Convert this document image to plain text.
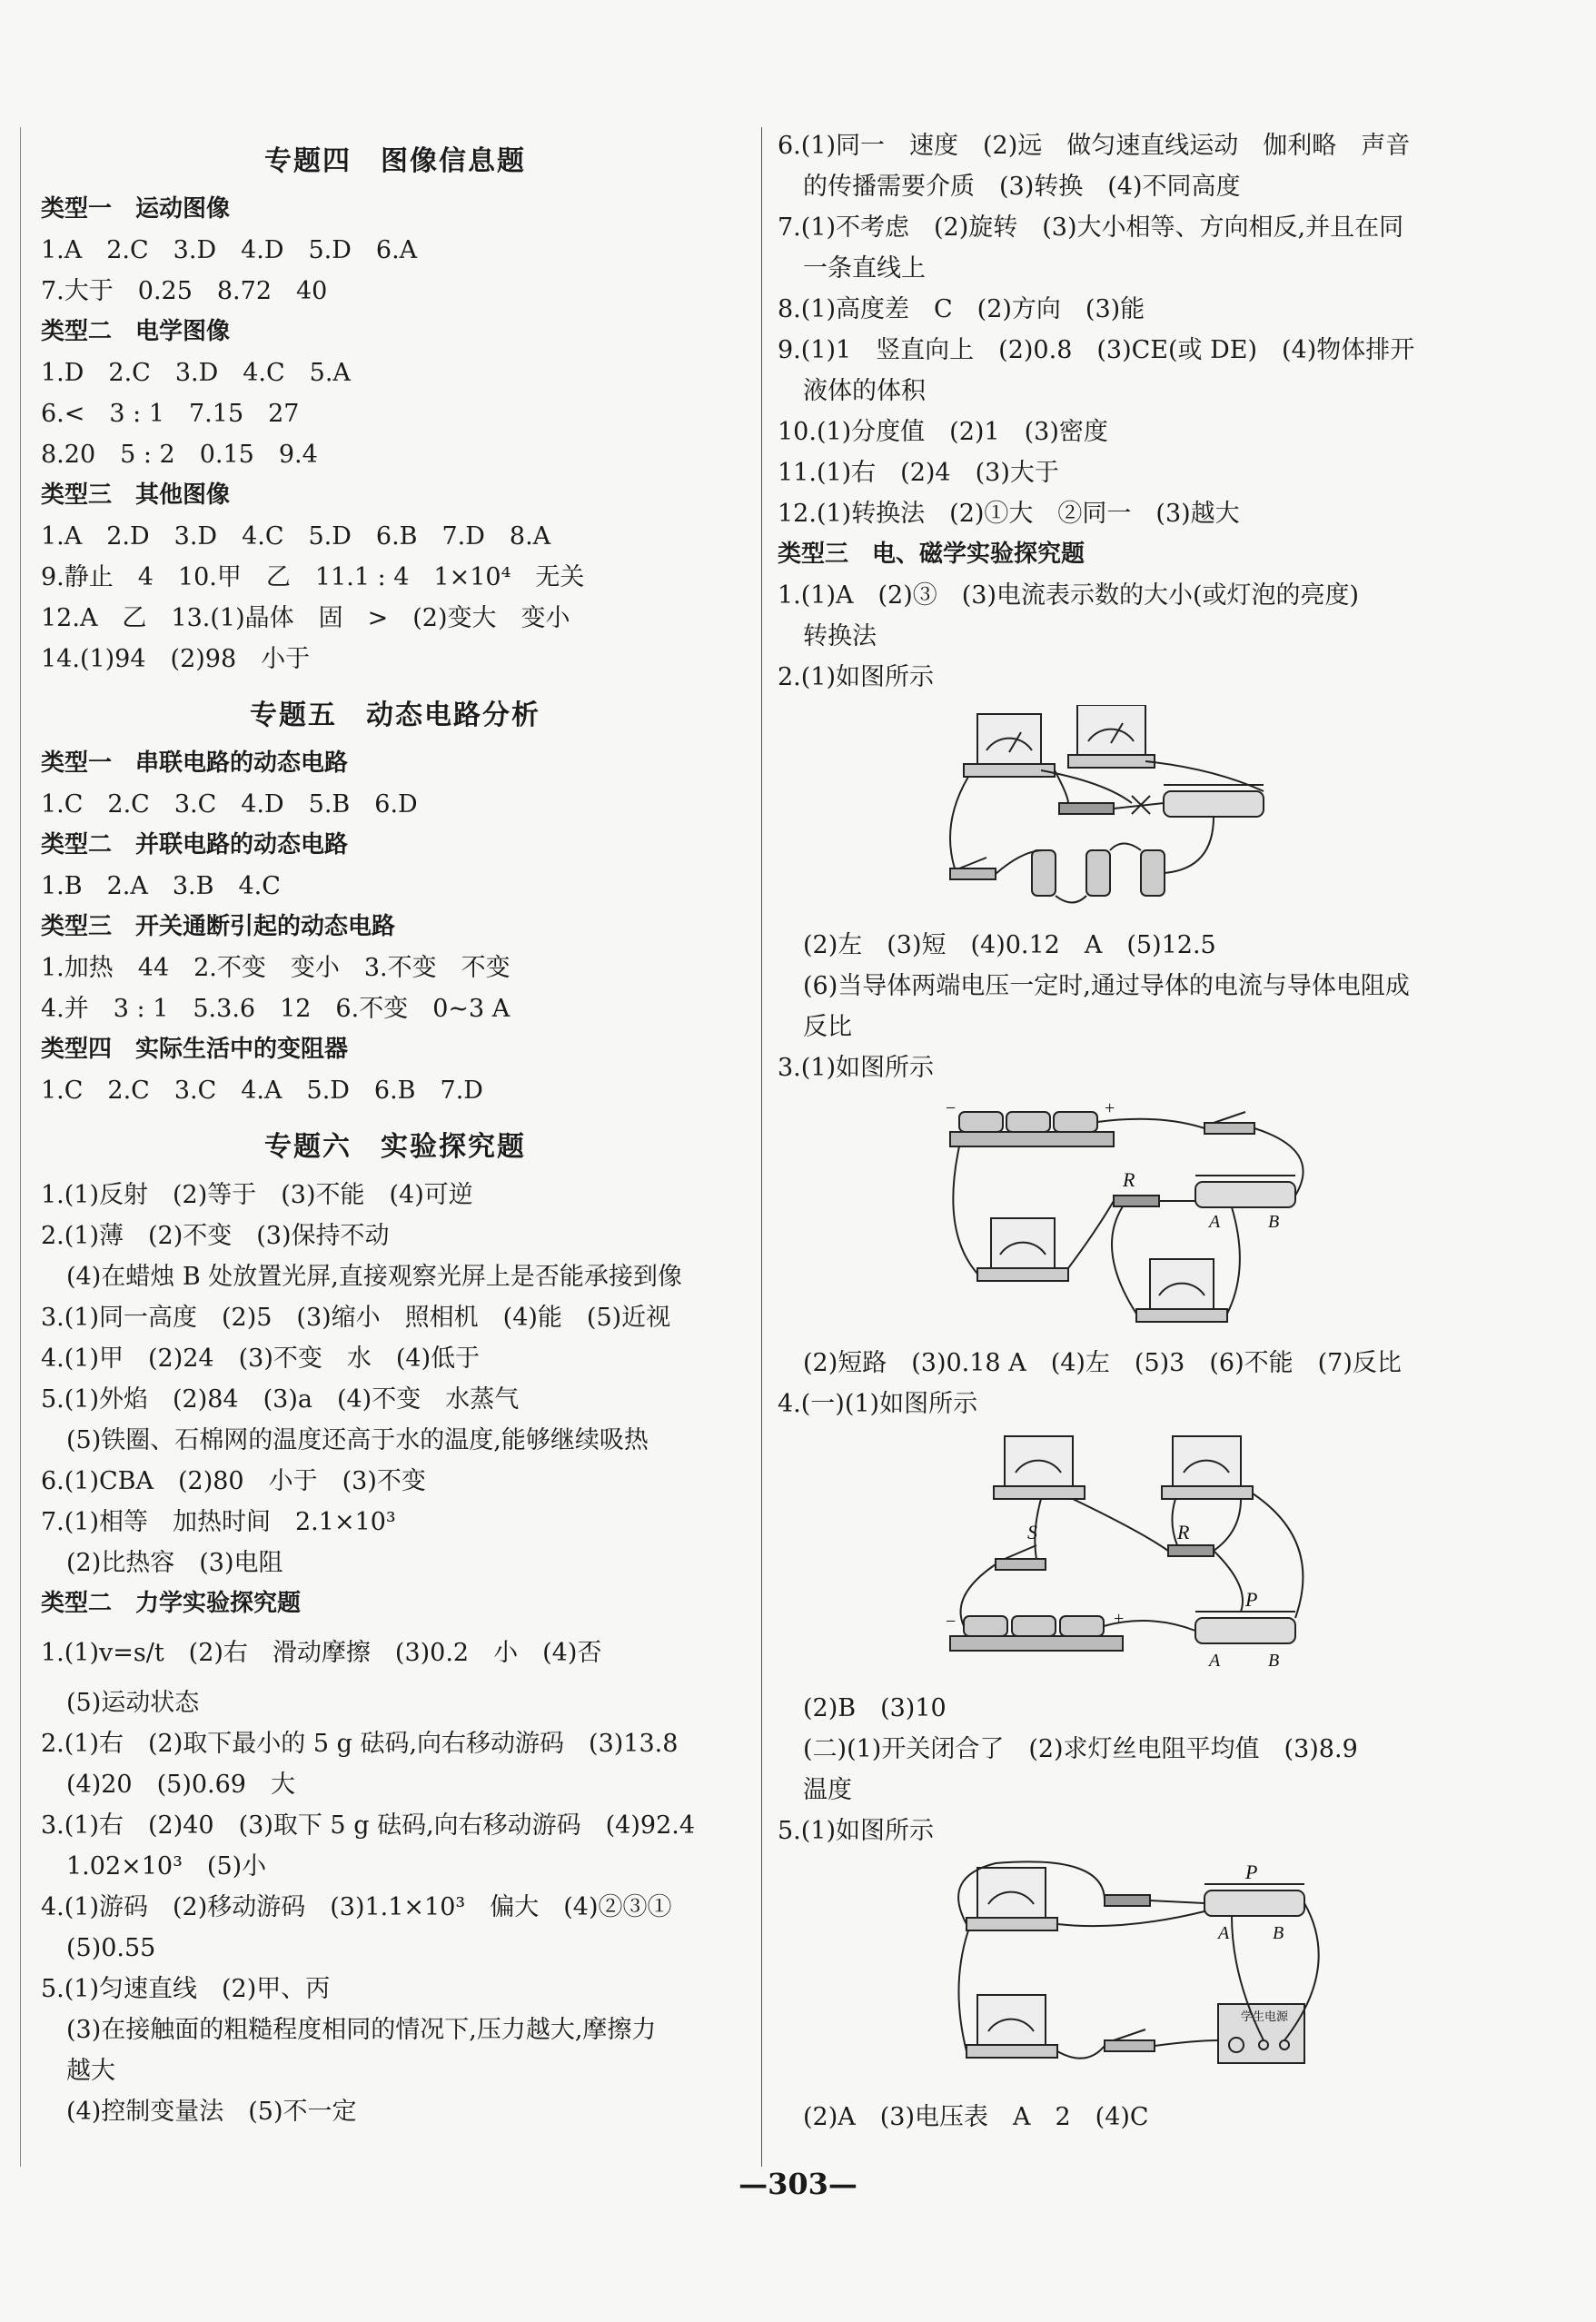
专题四　图像信息题
类型一　运动图像
1.A　2.C　3.D　4.D　5.D　6.A
7.大于　0.25　8.72　40
类型二　电学图像
1.D　2.C　3.D　4.C　5.A
6.<　3 : 1　7.15　27
8.20　5 : 2　0.15　9.4
类型三　其他图像
1.A　2.D　3.D　4.C　5.D　6.B　7.D　8.A
9.静止　4　10.甲　乙　11.1 : 4　1×10⁴　无关
12.A　乙　13.(1)晶体　固　>　(2)变大　变小
14.(1)94　(2)98　小于
专题五　动态电路分析
类型一　串联电路的动态电路
1.C　2.C　3.C　4.D　5.B　6.D
类型二　并联电路的动态电路
1.B　2.A　3.B　4.C
类型三　开关通断引起的动态电路
1.加热　44　2.不变　变小　3.不变　不变
4.并　3 : 1　5.3.6　12　6.不变　0~3 A
类型四　实际生活中的变阻器
1.C　2.C　3.C　4.A　5.D　6.B　7.D
专题六　实验探究题
1.(1)反射　(2)等于　(3)不能　(4)可逆
2.(1)薄　(2)不变　(3)保持不动
(4)在蜡烛 B 处放置光屏,直接观察光屏上是否能承接到像
3.(1)同一高度　(2)5　(3)缩小　照相机　(4)能　(5)近视
4.(1)甲　(2)24　(3)不变　水　(4)低于
5.(1)外焰　(2)84　(3)a　(4)不变　水蒸气
(5)铁圈、石棉网的温度还高于水的温度,能够继续吸热
6.(1)CBA　(2)80　小于　(3)不变
7.(1)相等　加热时间　2.1×10³
(2)比热容　(3)电阻
类型二　力学实验探究题
1.(1)v=s/t　(2)右　滑动摩擦　(3)0.2　小　(4)否
(5)运动状态
2.(1)右　(2)取下最小的 5 g 砝码,向右移动游码　(3)13.8
(4)20　(5)0.69　大
3.(1)右　(2)40　(3)取下 5 g 砝码,向右移动游码　(4)92.4
1.02×10³　(5)小
4.(1)游码　(2)移动游码　(3)1.1×10³　偏大　(4)②③①
(5)0.55
5.(1)匀速直线　(2)甲、丙
(3)在接触面的粗糙程度相同的情况下,压力越大,摩擦力
越大
(4)控制变量法　(5)不一定
6.(1)同一　速度　(2)远　做匀速直线运动　伽利略　声音
的传播需要介质　(3)转换　(4)不同高度
7.(1)不考虑　(2)旋转　(3)大小相等、方向相反,并且在同
一条直线上
8.(1)高度差　C　(2)方向　(3)能
9.(1)1　竖直向上　(2)0.8　(3)CE(或 DE)　(4)物体排开
液体的体积
10.(1)分度值　(2)1　(3)密度
11.(1)右　(2)4　(3)大于
12.(1)转换法　(2)①大　②同一　(3)越大
类型三　电、磁学实验探究题
1.(1)A　(2)③　(3)电流表示数的大小(或灯泡的亮度)
转换法
2.(1)如图所示
(2)左　(3)短　(4)0.12　A　(5)12.5
(6)当导体两端电压一定时,通过导体的电流与导体电阻成
反比
3.(1)如图所示
R
A	B
−	+
(2)短路　(3)0.18 A　(4)左　(5)3　(6)不能　(7)反比
4.(一)(1)如图所示
S	R
P
A	B
−	+
(2)B　(3)10
(二)(1)开关闭合了　(2)求灯丝电阻平均值　(3)8.9
温度
5.(1)如图所示
学生电源
P
A B
(2)A　(3)电压表　A　2　(4)C
—303—
